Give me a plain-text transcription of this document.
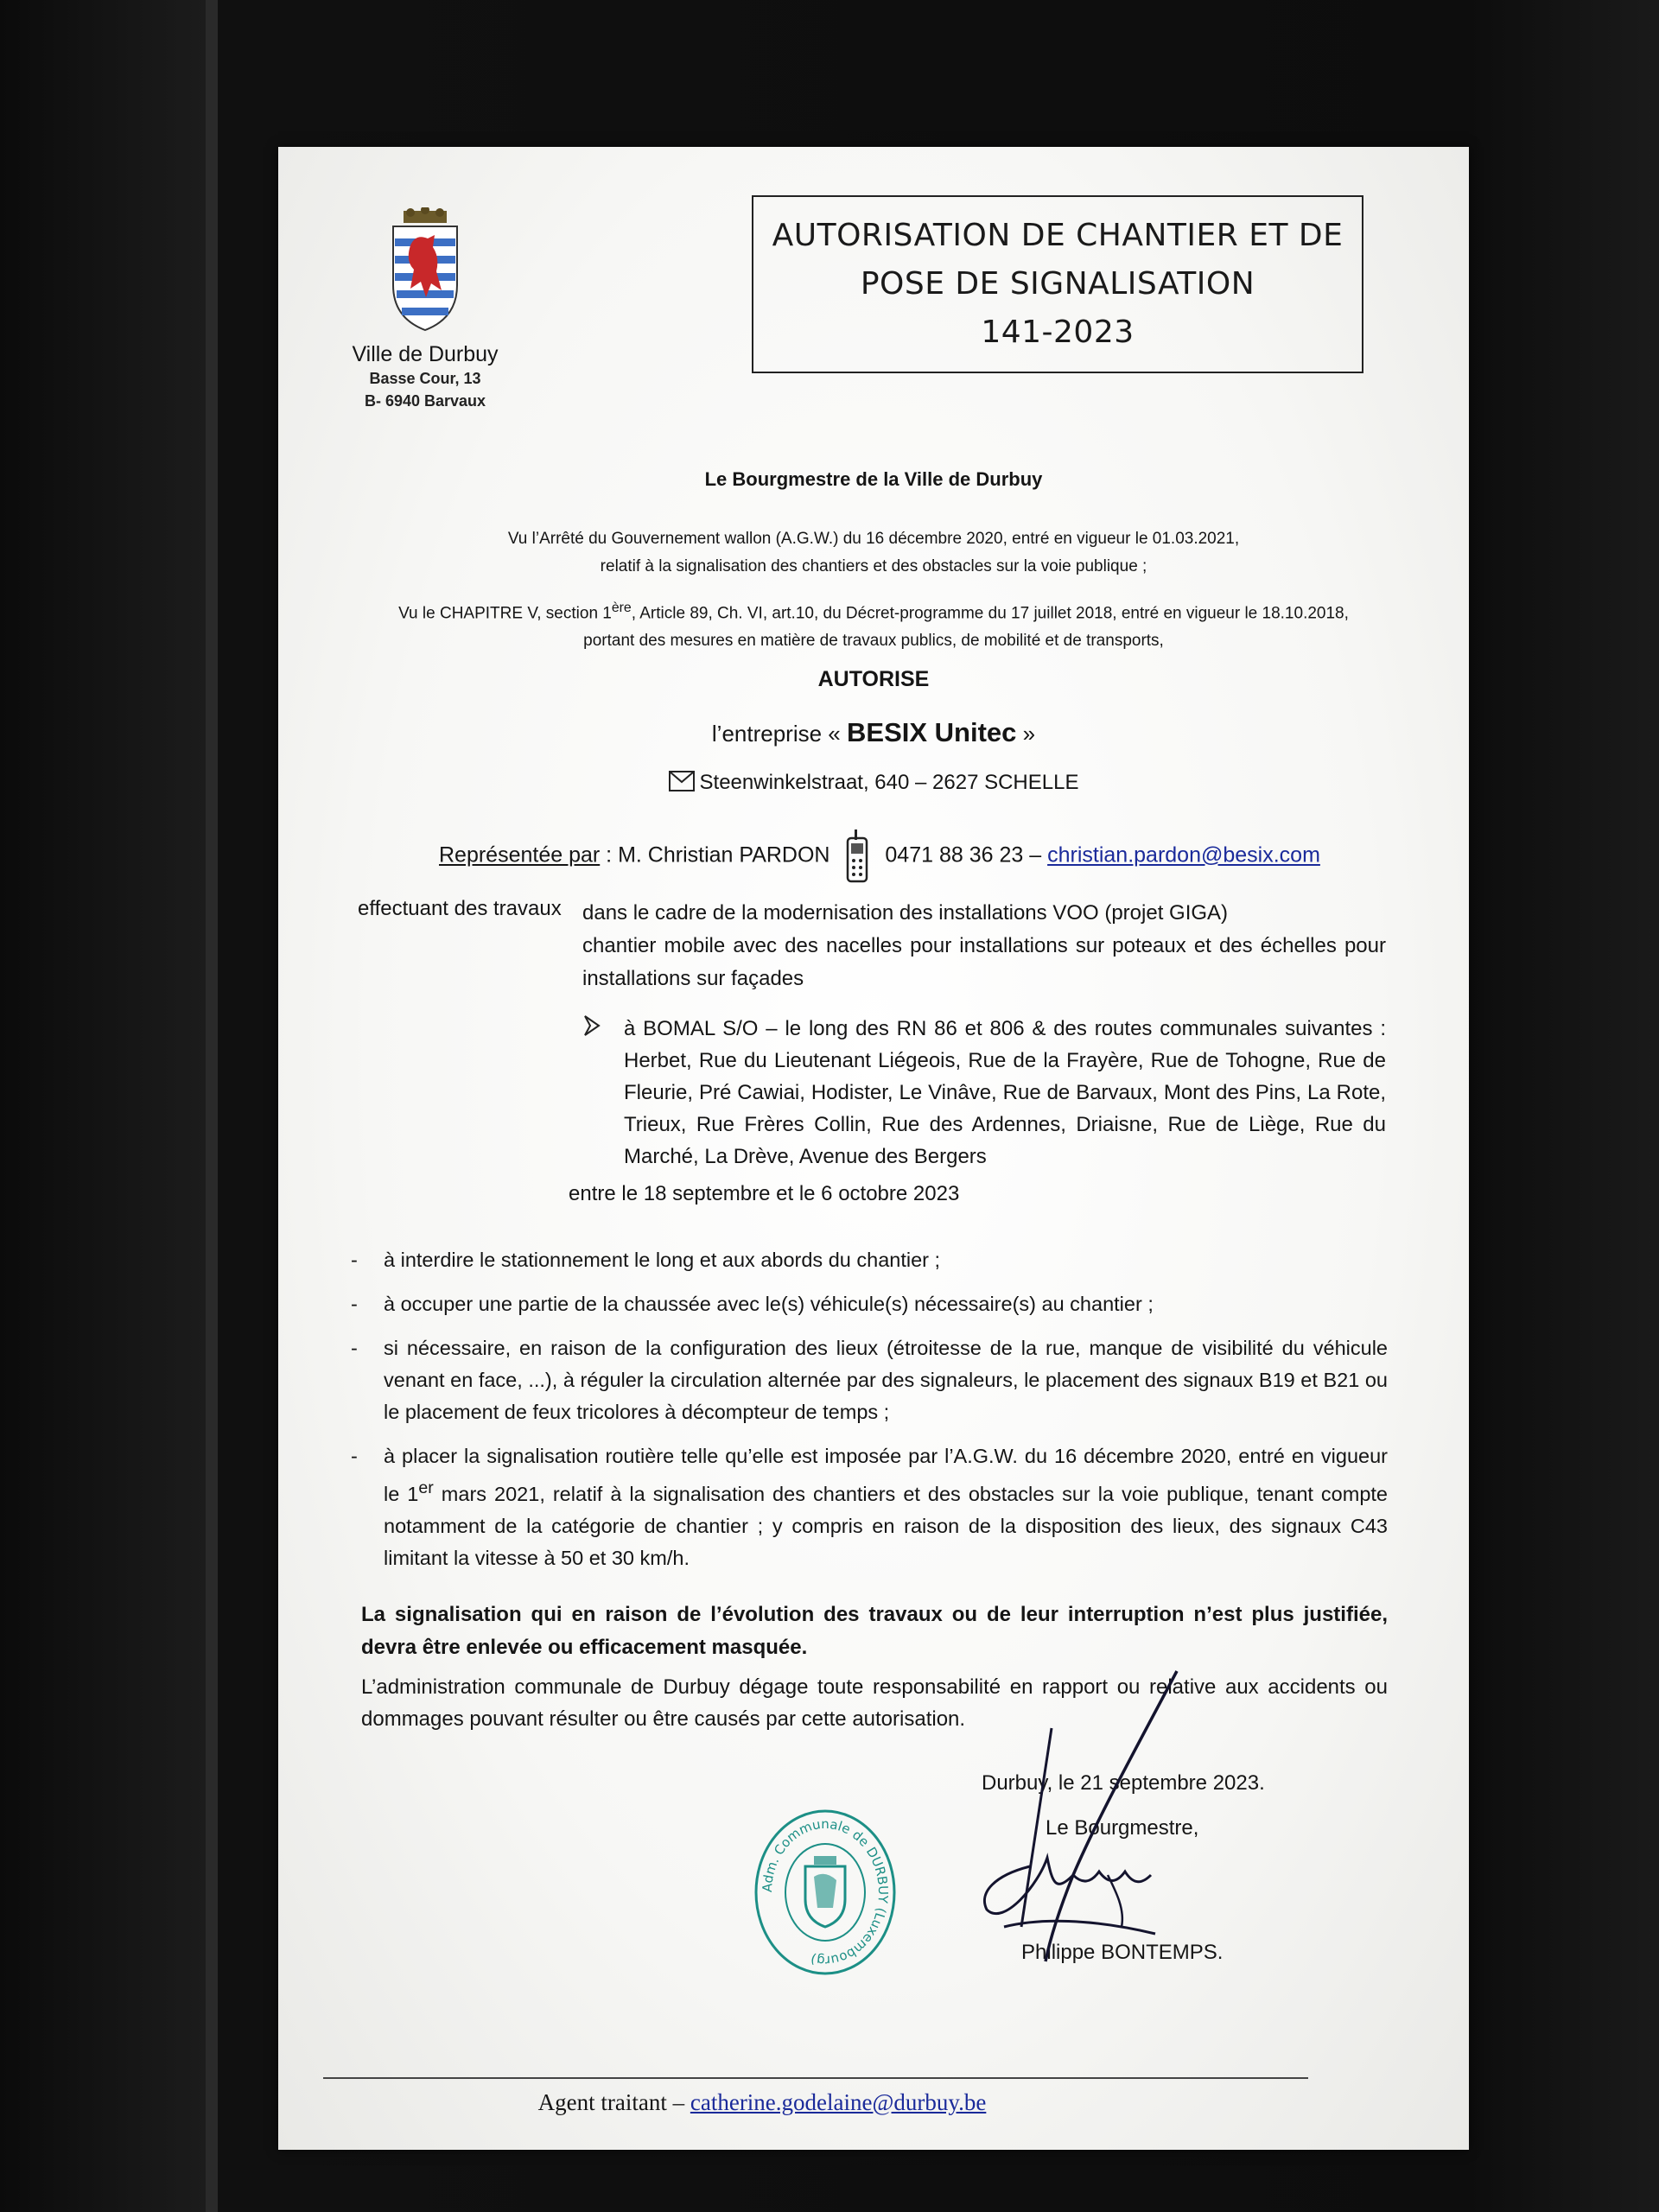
Ville de Durbuy
Basse Cour, 13
B- 6940 Barvaux
AUTORISATION DE CHANTIER ET DE
POSE DE SIGNALISATION
141-2023
Le Bourgmestre de la Ville de Durbuy
Vu l’Arrêté du Gouvernement wallon (A.G.W.) du 16 décembre 2020, entré en vigueur le 01.03.2021,
relatif à la signalisation des chantiers et des obstacles sur la voie publique ;
Vu le CHAPITRE V, section 1ère, Article 89, Ch. VI, art.10, du Décret-programme du 17 juillet 2018, entré en vigueur le 18.10.2018,
portant des mesures en matière de travaux publics, de mobilité et de transports,
AUTORISE
l’entreprise « BESIX Unitec »
Steenwinkelstraat, 640 – 2627 SCHELLE
Représentée par : M. Christian PARDON	0471 88 36 23 – christian.pardon@besix.com
effectuant des travaux dans le cadre de la modernisation des installations VOO (projet GIGA)
chantier mobile avec des nacelles pour installations sur poteaux et des échelles pour installations sur façades
à BOMAL S/O – le long des RN 86 et 806 & des routes communales suivantes : Herbet, Rue du Lieutenant Liégeois, Rue de la Frayère, Rue de Tohogne, Rue de Fleurie, Pré Cawiai, Hodister, Le Vinâve, Rue de Barvaux, Mont des Pins, La Rote, Trieux, Rue Frères Collin, Rue des Ardennes, Driaisne, Rue de Liège, Rue du Marché, La Drève, Avenue des Bergers
entre le 18 septembre et le 6 octobre 2023
- à interdire le stationnement le long et aux abords du chantier ;
- à occuper une partie de la chaussée avec le(s) véhicule(s) nécessaire(s) au chantier ;
- si nécessaire, en raison de la configuration des lieux (étroitesse de la rue, manque de visibilité du véhicule venant en face, ...), à réguler la circulation alternée par des signaleurs, le placement des signaux B19 et B21 ou le placement de feux tricolores à décompteur de temps ;
- à placer la signalisation routière telle qu’elle est imposée par l’A.G.W. du 16 décembre 2020, entré en vigueur le 1er mars 2021, relatif à la signalisation des chantiers et des obstacles sur la voie publique, tenant compte notamment de la catégorie de chantier ; y compris en raison de la disposition des lieux, des signaux C43 limitant la vitesse à 50 et 30 km/h.
La signalisation qui en raison de l’évolution des travaux ou de leur interruption n’est plus justifiée, devra être enlevée ou efficacement masquée.
L’administration communale de Durbuy dégage toute responsabilité en rapport ou relative aux accidents ou dommages pouvant résulter ou être causés par cette autorisation.
Durbuy, le 21 septembre 2023.
Le Bourgmestre,
Philippe BONTEMPS.
Adm. Communale de DURBUY (Luxembourg)
Agent traitant – catherine.godelaine@durbuy.be
